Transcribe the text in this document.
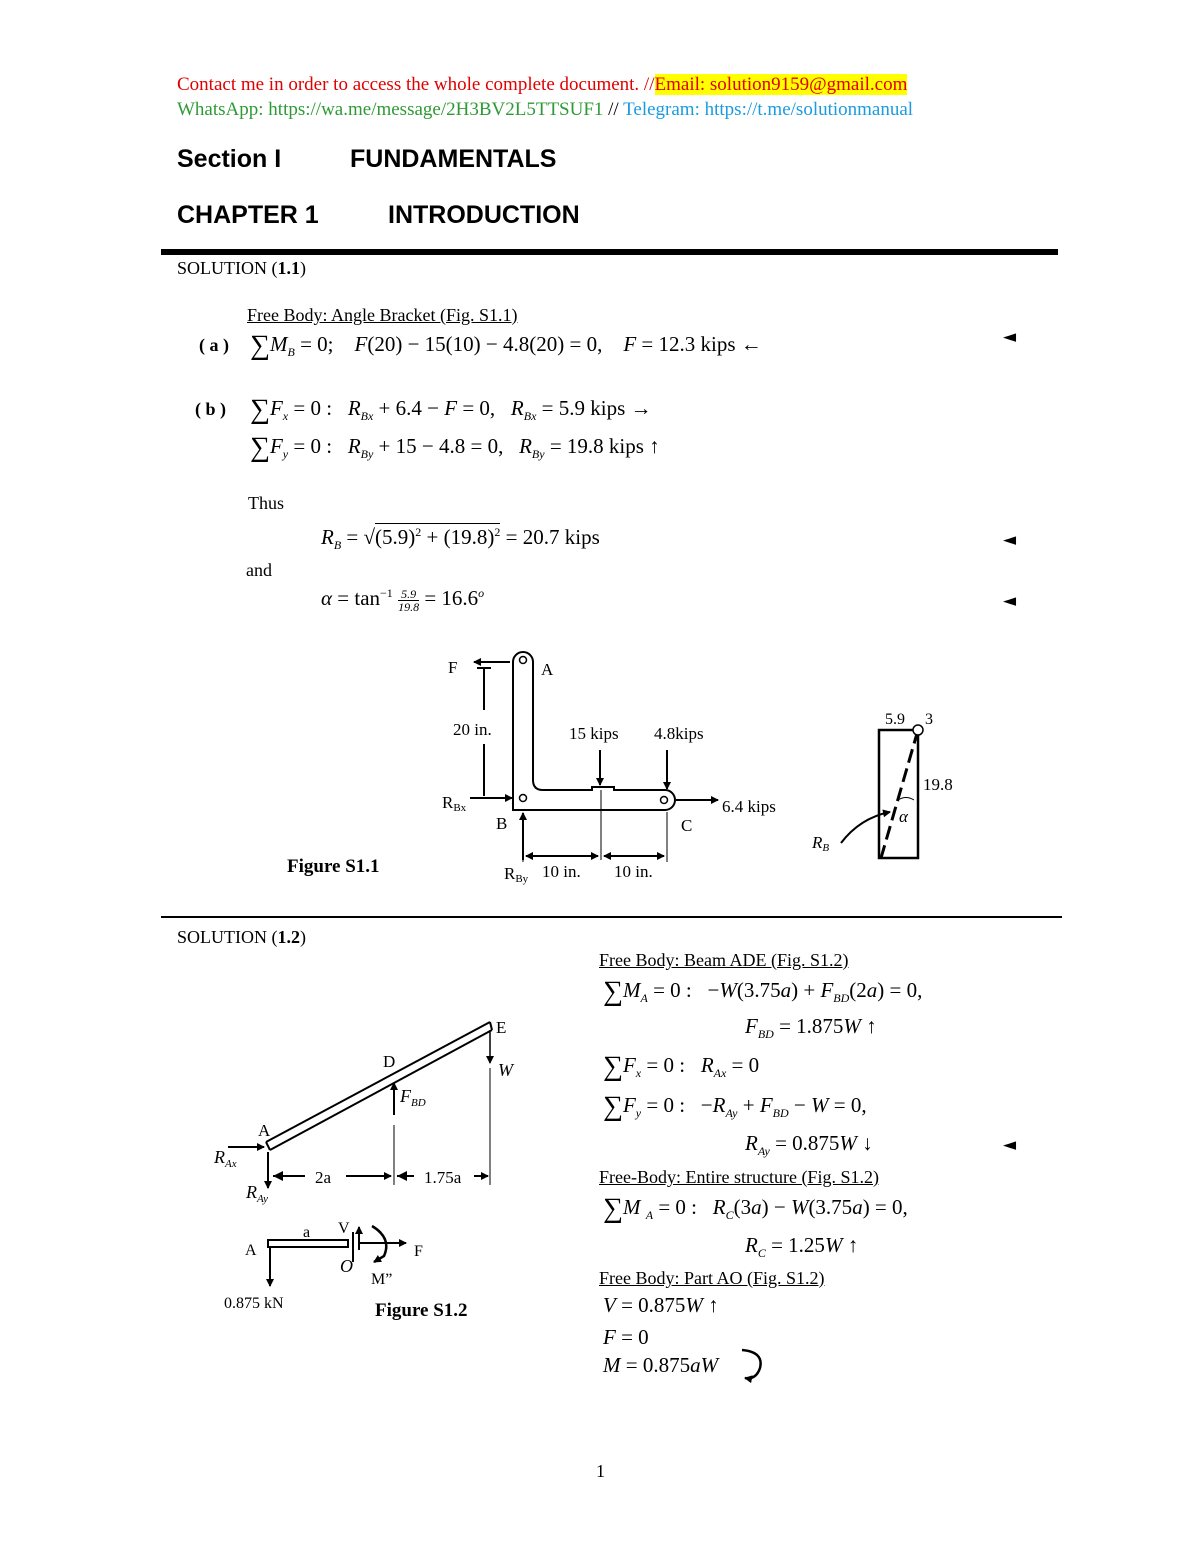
Contact me in order to access the whole complete document. //Email: solution9159@gmail.com
WhatsApp: https://wa.me/message/2H3BV2L5TTSUF1 // Telegram: https://t.me/solutionmanual
Section I	FUNDAMENTALS
CHAPTER 1	INTRODUCTION
SOLUTION (1.1)
Free Body: Angle Bracket (Fig. S1.1)
( a ) $\sum M_B = 0$;    F(20) − 15(10) − 4.8(20) = 0,    F = 12.3 kips ←	◄
( b ) $\sum F_x = 0$ :   $R_{Bx} + 6.4 - F = 0$,   $R_{Bx} = 5.9$ kips →
$\sum F_y = 0$ :   $R_{By} + 15 - 4.8 = 0$,   $R_{By} = 19.8$ kips ↑
Thus
$R_B = √(5.9)^2 + (19.8)^2 = 20.7$ kips	◄
and
$\alpha = \tan^{-1} \frac{5.9}{19.8} = 16.6^o$	◄
F	A
20 in.
RBx
B	C
15 kips 4.8kips
6.4 kips
RBy 10 in. 10 in.
Figure S1.1
5.9 3
19.8
α
RB
SOLUTION (1.2)
Free Body: Beam ADE (Fig. S1.2)
$\sum M_A = 0$ :   $-W(3.75a) + F_{BD}(2a) = 0$,
$F_{BD} = 1.875W$ ↑
$\sum F_x = 0$ :   $R_{Ax} = 0$
$\sum F_y = 0$ :   $-R_{Ay} + F_{BD} - W = 0$,
$R_{Ay} = 0.875W$ ↓	◄
Free-Body: Entire structure (Fig. S1.2)
∑M $_A$ = 0 :   $R_C(3a) - W(3.75a) = 0$,
$R_C = 1.25W$ ↑
Free Body: Part AO (Fig. S1.2)
V = 0.875W ↑
F = 0
M = 0.875aW
E
D
A
W
$F_{BD}$
$R_{Ax}$
$R_{Ay}$
2a	1.75a
a V
F
O
M”
A
0.875 kN	Figure S1.2
1
